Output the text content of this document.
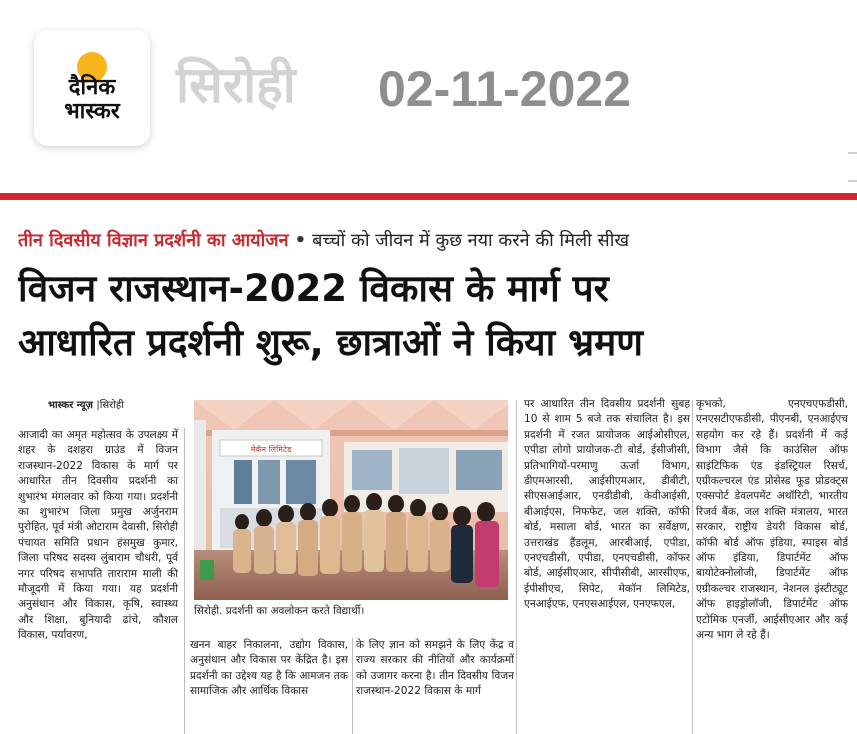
दैनिक
भास्कर सिरोही 02-11-2022
तीन दिवसीय विज्ञान प्रदर्शनी का आयोजन • बच्चों को जीवन में कुछ नया करने की मिली सीख
विजन राजस्थान-2022 विकास के मार्ग पर
आधारित प्रदर्शनी शुरू, छात्राओं ने किया भ्रमण
भास्कर न्यूज़ |सिरोही
मेकॅन लिमिटेड
सिरोही. प्रदर्शनी का अवलोकन करते विद्यार्थी।
आजादी का अमृत महोत्सव के उपलक्ष्य में शहर के दशहरा ग्राउंड में विजन राजस्थान-2022 विकास के मार्ग पर आधारित तीन दिवसीय प्रदर्शनी का शुभारंभ मंगलवार को किया गया। प्रदर्शनी का शुभारंभ जिला प्रमुख अर्जुनराम पुरोहित, पूर्व मंत्री ओटाराम देवासी, सिरोही पंचायत समिति प्रधान हंसमुख कुमार, जिला परिषद सदस्य लुंबाराम चौधरी, पूर्व नगर परिषद सभापति ताराराम माली की मौजूदगी में किया गया। यह प्रदर्शनी अनुसंधान और विकास, कृषि, स्वास्थ्य और शिक्षा, बुनियादी ढांचे, कौशल विकास, पर्यावरण,
खनन बाहर निकालना, उद्योग विकास, अनुसंधान और विकास पर केंद्रित है। इस प्रदर्शनी का उद्देश्य यह है कि आमजन तक सामाजिक और आर्थिक विकास
के लिए ज्ञान को समझने के लिए केंद्र व राज्य सरकार की नीतियों और कार्यक्रमों को उजागर करना है। तीन दिवसीय विजन राजस्थान-2022 विकास के मार्ग
पर आधारित तीन दिवसीय प्रदर्शनी सुबह 10 से शाम 5 बजे तक संचालित है। इस प्रदर्शनी में रजत प्रायोजक आईओसीएल, एपीडा लोगो प्रायोजक-टी बोर्ड, ईसीजीसी, प्रतिभागियों-परमाणु ऊर्जा विभाग, डीएमआरसी, आईसीएमआर, डीबीटी, सीएसआईआर, एनडीडीबी, केवीआईसी, बीआईएस, निफफेट, जल शक्ति, कॉफी बोर्ड, मसाला बोर्ड, भारत का सर्वेक्षण, उत्तराखंड हैंडलूम, आरबीआई, एपीडा, एनएचडीसी, एपीडा, एनएचडीसी, कॉफर बोर्ड, आईसीएआर, सीपीसीबी, आरसीएफ, ईपीसीएच, सिपेट, मेकॉन लिमिटेड, एनआईएफ, एनएसआईएल, एनएफएल,
कृभको, एनएचएफडीसी, एनएसटीएफडीसी, पीएनबी, एनआईएच सहयोग कर रहे हैं। प्रदर्शनी में कई विभाग जैसे कि काउंसिल ऑफ साइंटिफिक एंड इंडस्ट्रियल रिसर्च, एग्रीकल्चरल एंड प्रोसेस्ड फूड प्रोडक्ट्स एक्सपोर्ट डेवलपमेंट अथॉरिटी, भारतीय रिजर्व बैंक, जल शक्ति मंत्रालय, भारत सरकार, राष्ट्रीय डेयरी विकास बोर्ड, कॉफी बोर्ड ऑफ इंडिया, स्पाइस बोर्ड ऑफ इंडिया, डिपार्टमेंट ऑफ बायोटेक्नोलोजी, डिपार्टमेंट ऑफ एग्रीकल्चर राजस्थान, नेशनल इंस्टीट्यूट ऑफ हाइड्रोलॉजी, डिपार्टमेंट ऑफ एटोमिक एनर्जी, आईसीएआर और कई अन्य भाग ले रहे हैं।
